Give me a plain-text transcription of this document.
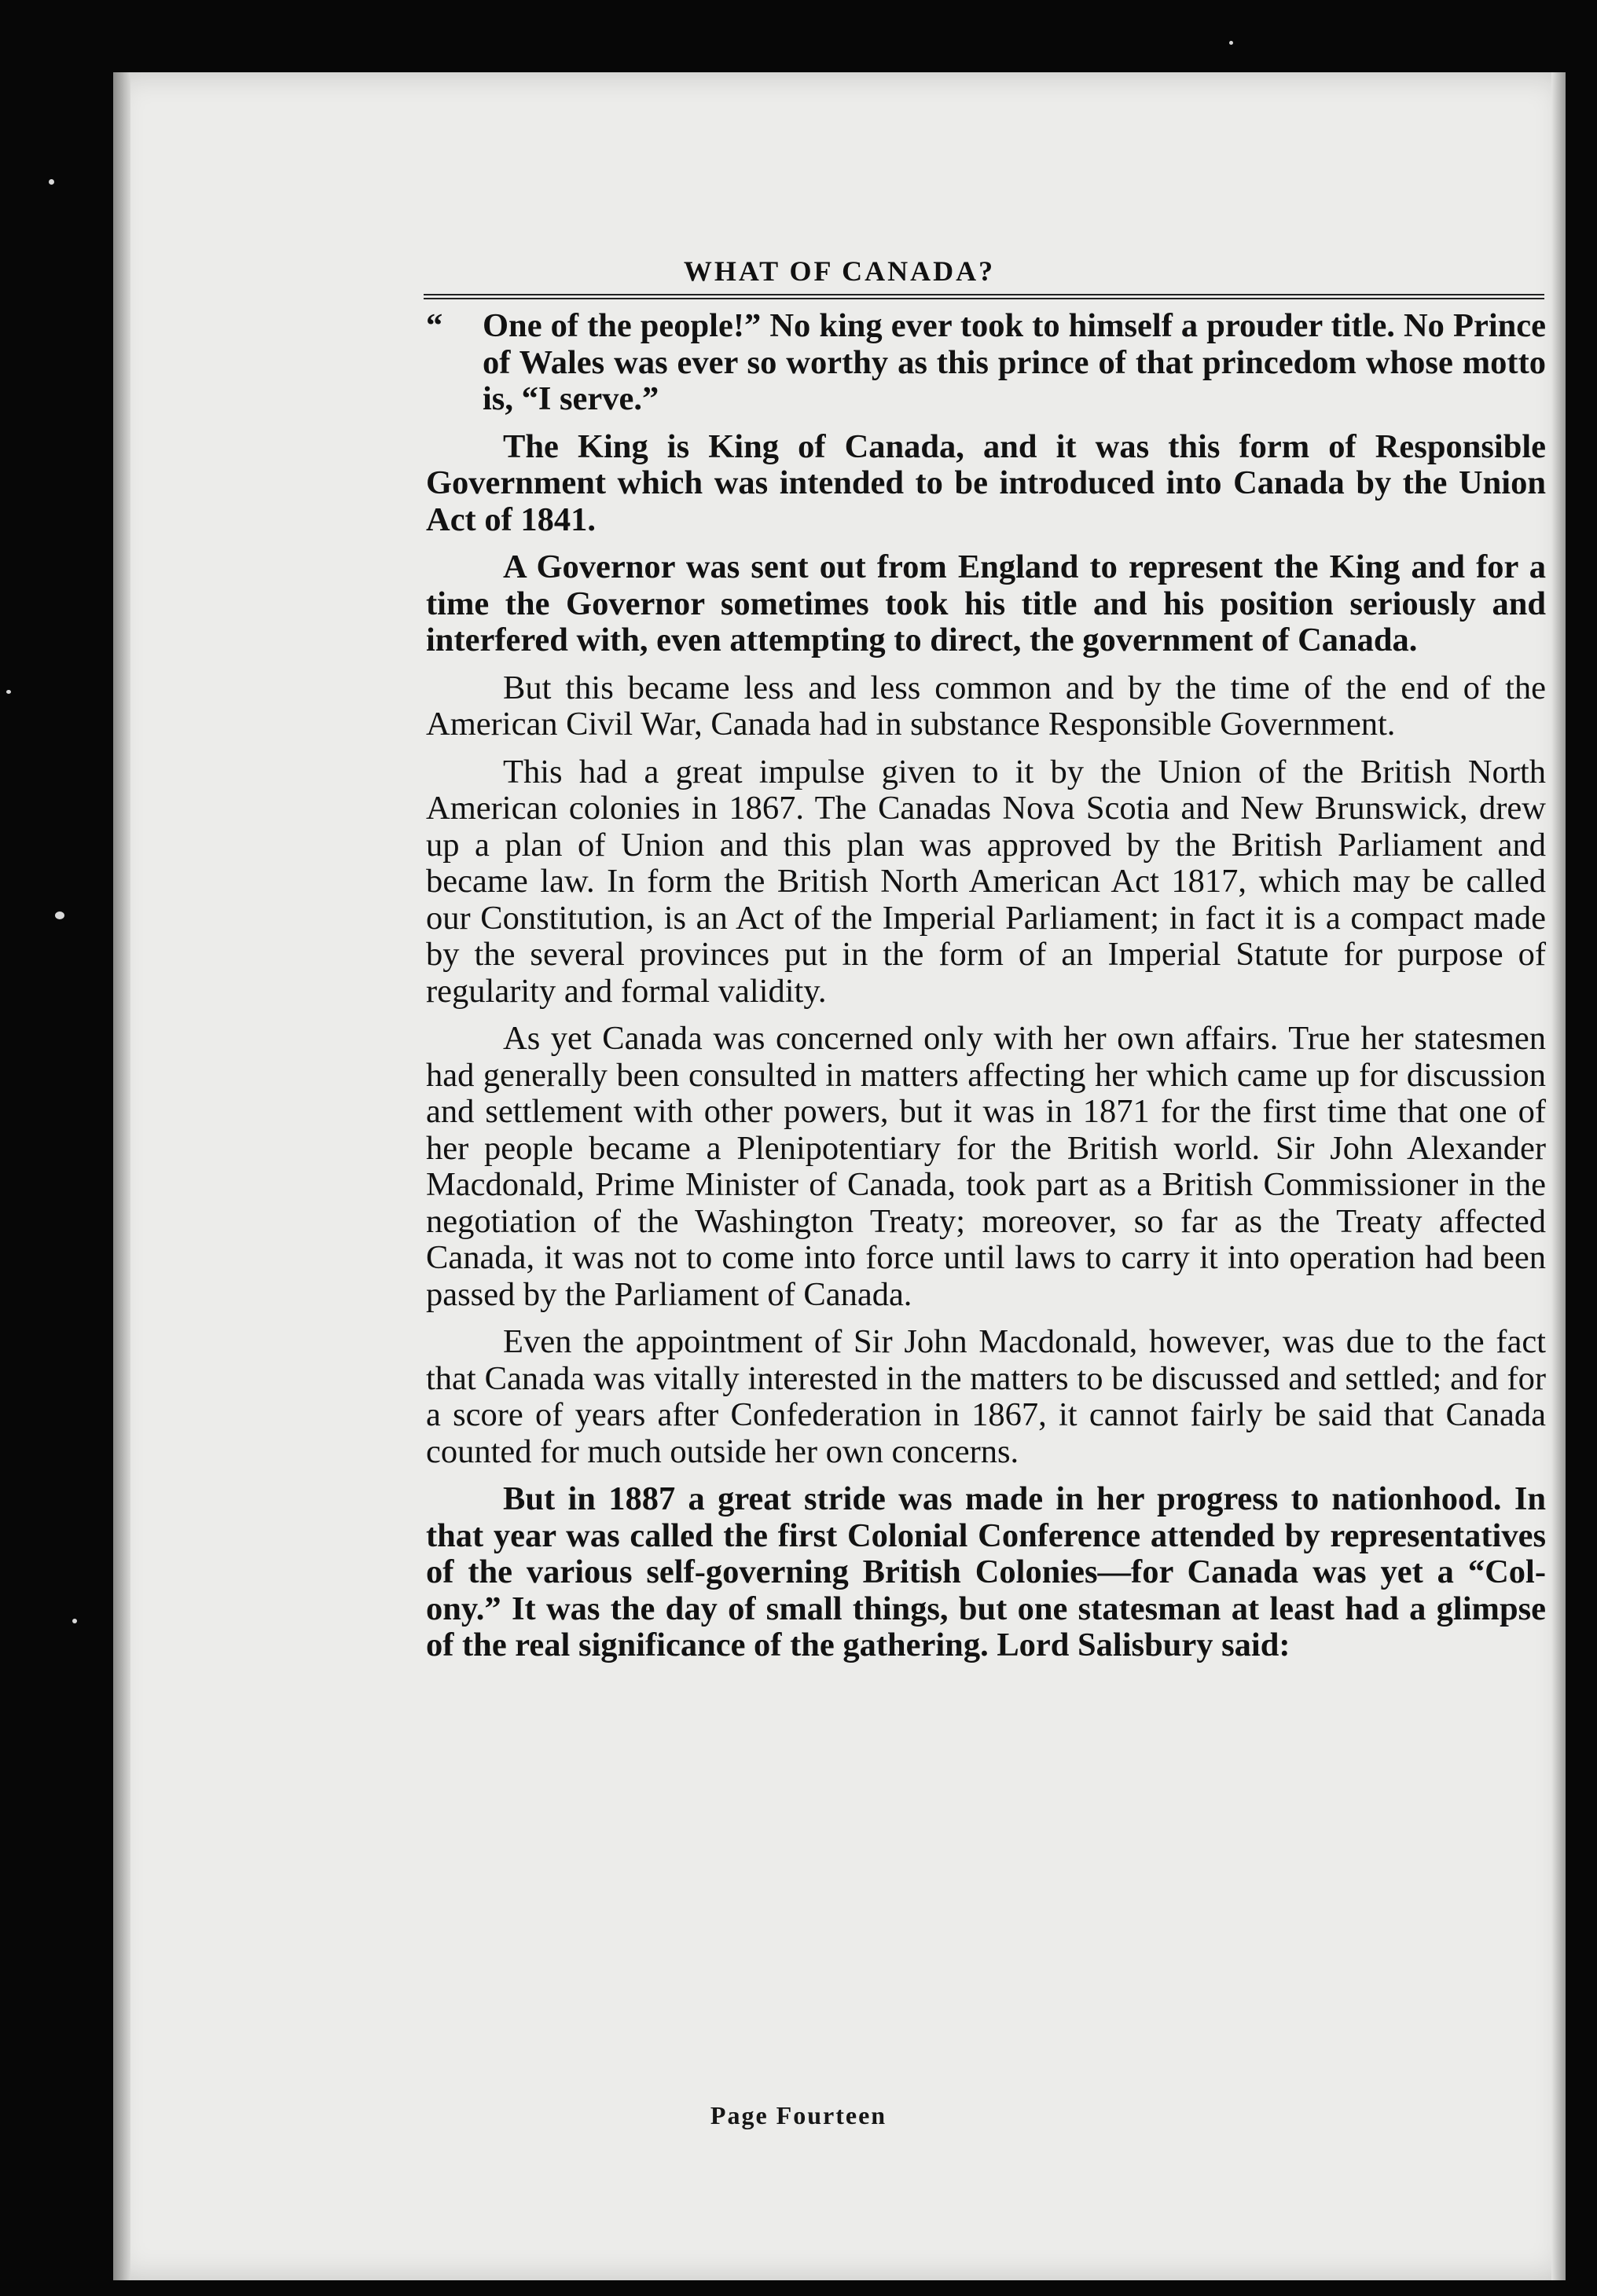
WHAT OF CANADA?

“ One of the people!” No king ever took to himself a prouder title. No Prince of Wales was ever so worthy as this prince of that princedom whose motto is, “I serve.”

The King is King of Canada, and it was this form of Responsible Government which was intended to be introduced into Canada by the Union Act of 1841.

A Governor was sent out from England to represent the King and for a time the Governor sometimes took his title and his position seriously and interfered with, even attempting to direct, the government of Canada.

But this became less and less common and by the time of the end of the American Civil War, Canada had in substance Responsible Government.

This had a great impulse given to it by the Union of the British North American colonies in 1867. The Canadas Nova Scotia and New Brunswick, drew up a plan of Union and this plan was approved by the British Parliament and became law. In form the British North American Act 1817, which may be called our Constitution, is an Act of the Imperial Parliament; in fact it is a compact made by the several provinces put in the form of an Imperial Statute for purpose of regularity and formal validity.

As yet Canada was concerned only with her own affairs. True her statesmen had generally been consulted in matters affecting her which came up for discussion and settlement with other powers, but it was in 1871 for the first time that one of her people became a Plenipotentiary for the British world. Sir John Alexander Macdonald, Prime Minister of Canada, took part as a British Commissioner in the negotiation of the Washington Treaty; moreover, so far as the Treaty affected Canada, it was not to come into force until laws to carry it into operation had been passed by the Parliament of Canada.

Even the appointment of Sir John Macdonald, however, was due to the fact that Canada was vitally interested in the matters to be discussed and settled; and for a score of years after Confederation in 1867, it cannot fairly be said that Canada counted for much outside her own concerns.

But in 1887 a great stride was made in her progress to nationhood. In that year was called the first Colonial Conference attended by representatives of the various self-governing British Colonies—for Canada was yet a “Colony.” It was the day of small things, but one statesman at least had a glimpse of the real significance of the gathering. Lord Salisbury said:

Page Fourteen
